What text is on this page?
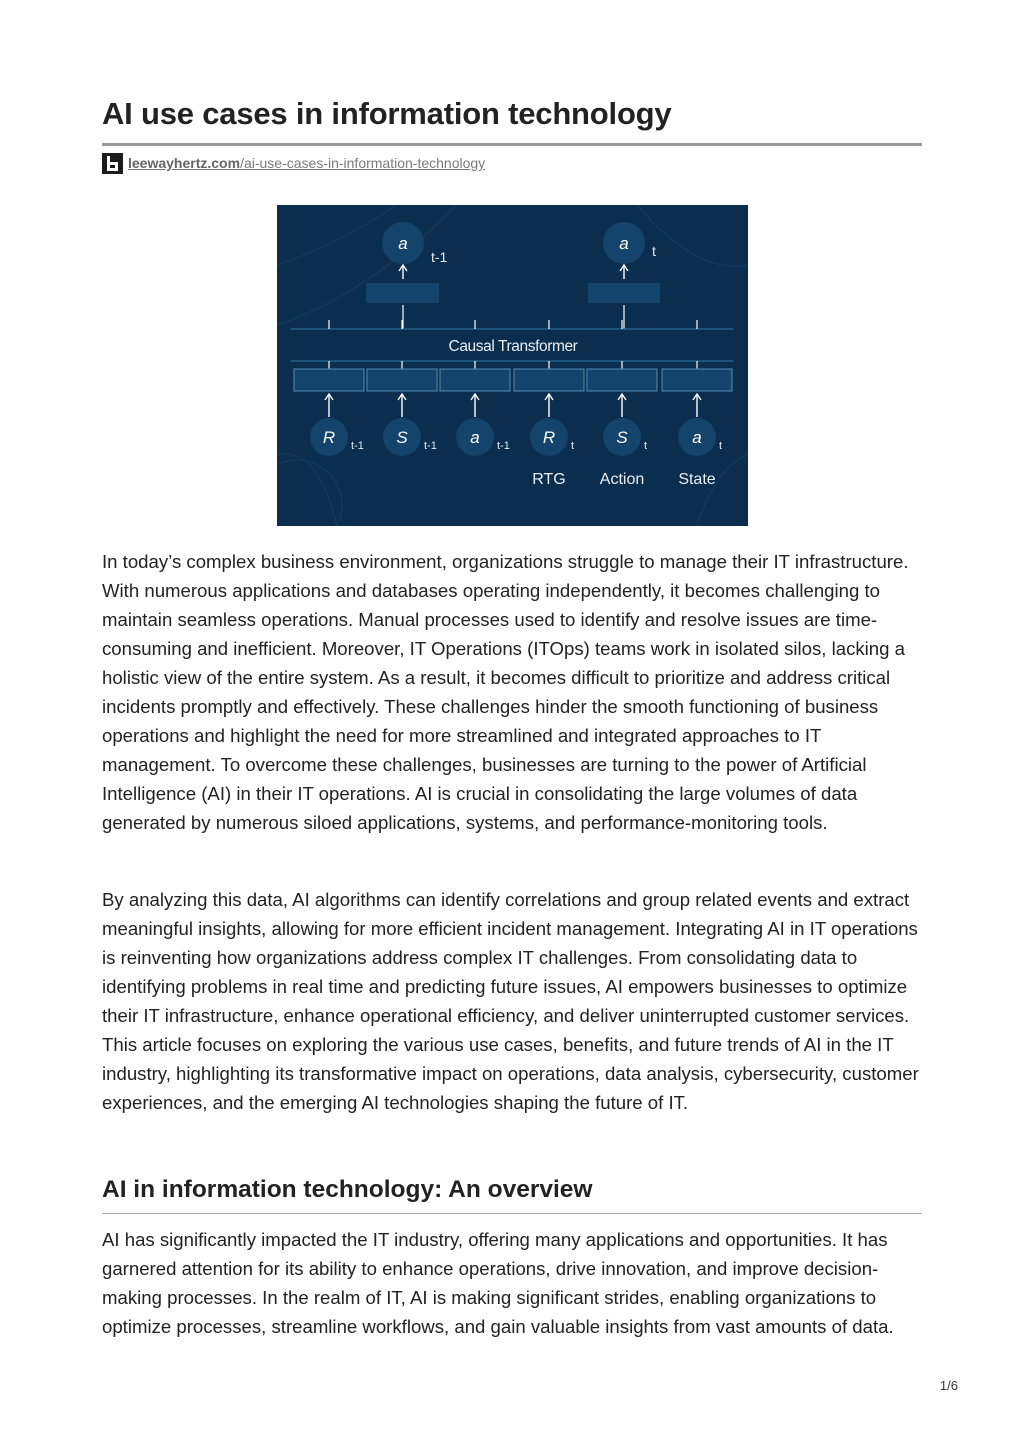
AI use cases in information technology
leewayhertz.com/ai-use-cases-in-information-technology
a
t-1
a t
Causal Transformer
R t-1 S t-1 a t-1 R t S t	a t
RTG Action State

In today’s complex business environment, organizations struggle to manage their IT infrastructure. With numerous applications and databases operating independently, it becomes challenging to maintain seamless operations. Manual processes used to identify and resolve issues are time-consuming and inefficient. Moreover, IT Operations (ITOps) teams work in isolated silos, lacking a holistic view of the entire system. As a result, it becomes difficult to prioritize and address critical incidents promptly and effectively. These challenges hinder the smooth functioning of business operations and highlight the need for more streamlined and integrated approaches to IT management. To overcome these challenges, businesses are turning to the power of Artificial Intelligence (AI) in their IT operations. AI is crucial in consolidating the large volumes of data generated by numerous siloed applications, systems, and performance-monitoring tools.

By analyzing this data, AI algorithms can identify correlations and group related events and extract meaningful insights, allowing for more efficient incident management. Integrating AI in IT operations is reinventing how organizations address complex IT challenges. From consolidating data to identifying problems in real time and predicting future issues, AI empowers businesses to optimize their IT infrastructure, enhance operational efficiency, and deliver uninterrupted customer services. This article focuses on exploring the various use cases, benefits, and future trends of AI in the IT industry, highlighting its transformative impact on operations, data analysis, cybersecurity, customer experiences, and the emerging AI technologies shaping the future of IT.

AI in information technology: An overview

AI has significantly impacted the IT industry, offering many applications and opportunities. It has garnered attention for its ability to enhance operations, drive innovation, and improve decision-making processes. In the realm of IT, AI is making significant strides, enabling organizations to optimize processes, streamline workflows, and gain valuable insights from vast amounts of data.

1/6
